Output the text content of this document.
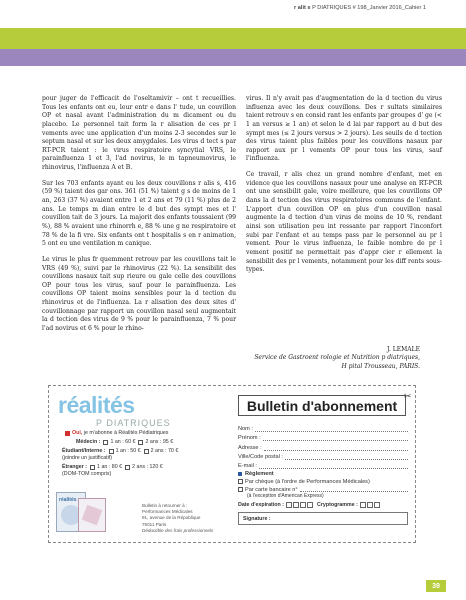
r alit s P DIATRIQUES # 198_Janvier 2016_Cahier 1

pour juger de l'efficacit de l'oseltamivir – ont t recueillies. Tous les enfants ont eu, leur entr e dans l' tude, un couvillon OP et nasal avant l'administration du m dicament ou du placebo. Le personnel tait form la r alisation de ces pr l vements avec une application d'un moins 2-3 secondes sur le septum nasal et sur les deux amygdales. Les virus d tect s par RT-PCR taient : le virus respiratoire syncytial VRS, le parainfluenza 1 et 3, l'ad novirus, le m tapneumovirus, le rhinovirus, l'influenza A et B.

Sur les 703 enfants ayant eu les deux couvillons r alis s, 416 (59 %) taient des gar ons. 361 (51 %) taient g s de moins de 1 an, 263 (37 %) avaient entre 1 et 2 ans et 79 (11 %) plus de 2 ans. Le temps m dian entre le d but des sympt mes et l' couvillon tait de 3 jours. La majorit des enfants toussaient (99 %), 88 % avaient une rhinorrh e, 88 % une g ne respiratoire et 78 % de la fi vre. Six enfants ont t hospitalis s en r animation, 5 ont eu une ventilation m canique.

Le virus le plus fr quemment retrouv par les couvillons tait le VRS (49 %), suivi par le rhinovirus (22 %). La sensibilit des couvillons nasaux tait sup rieure ou gale celle des couvillons OP pour tous les virus, sauf pour le parainfluenza. Les couvillons OP taient moins sensibles pour la d tection du rhinovirus et de l'influenza. La r alisation des deux sites d' couvillonnage par rapport un couvillon nasal seul augmentait la d tection des virus de 9 % pour le parainfluenza, 7 % pour l'ad novirus et 6 % pour le rhino-

virus. Il n'y avait pas d'augmentation de la d tection du virus influenza avec les deux couvillons. Des r sultats similaires taient retrouv s en consid rant les enfants par groupes d' ge (< 1 an versus ≥ 1 an) et selon le d lai par rapport au d but des sympt mes (≤ 2 jours versus > 2 jours). Les seuils de d tection des virus taient plus faibles pour les couvillons nasaux par rapport aux pr l vements OP pour tous les virus, sauf l'influenza.

Ce travail, r alis chez un grand nombre d'enfant, met en vidence que les couvillons nasaux pour une analyse en RT-PCR ont une sensibilit gale, voire meilleure, que les couvillons OP dans la d tection des virus respiratoires communs de l'enfant. L'apport d'un couvillon OP en plus d'un couvillon nasal augmente la d tection d'un virus de moins de 10 %, rendant ainsi son utilisation peu int ressante par rapport l'inconfort subi par l'enfant et au temps pass par le personnel au pr l vement. Pour le virus influenza, le faible nombre de pr l vement positif ne permettait pas d'appr cier r ellement la sensibilit des pr l vements, notamment pour les diff rents sous-types.

J. LEMALE
Service de Gastroent rologie et Nutrition p diatriques,
H pital Trousseau, PARIS.
réalités
P DIATRIQUES
Oui,
je m'abonne à Réalités Pédiatriques
Médecin : 1 an : 60 € 2 ans : 95 €
Étudiant/Interne : 1 an : 50 € 2 ans : 70 €
(joindre un justificatif)
Étranger : 1 an : 80 € 2 ans : 120 €
(DOM-TOM compris)
réalités
Bulletin à retourner à :
Performances Médicales
91, avenue de la République
75011 Paris
Déductible des frais professionnels
Bulletin d'abonnement
✂
Nom :
Prénom :
Adresse :
Ville/Code postal :
E-mail :
Règlement
Par chèque
(à l'ordre de Performances Médicales)
Par carte bancaire n°
(à l'exception d'American Express)
Date d'expiration :	Cryptogramme :
Signature :
39
